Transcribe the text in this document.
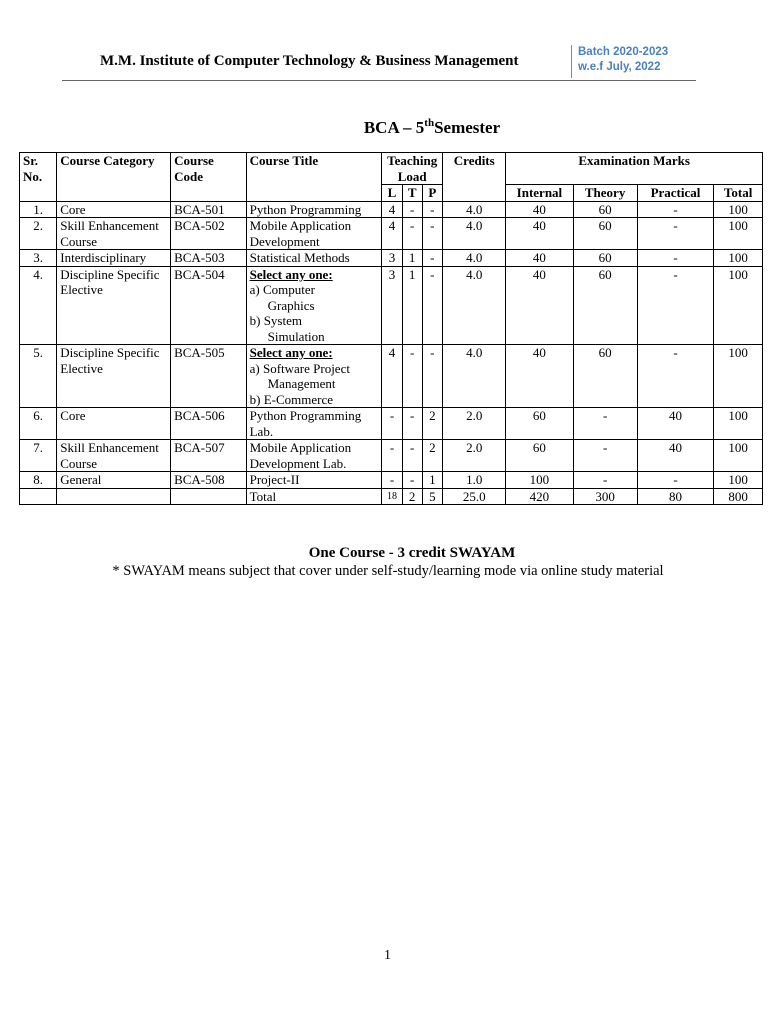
M.M. Institute of Computer Technology & Business Management
Batch 2020-2023
w.e.f July, 2022
BCA – 5thSemester
Sr. No.	Course Category	Course Code	Course Title	Teaching Load			Credits	Examination Marks			
				L	T	P		Internal	Theory	Practical	Total
1.	Core	BCA-501	Python Programming	4	-	-	4.0	40	60	-	100
2.	Skill Enhancement Course	BCA-502	Mobile Application Development	4	-	-	4.0	40	60	-	100
3.	Interdisciplinary	BCA-503	Statistical Methods	3	1	-	4.0	40	60	-	100
4.	Discipline Specific Elective	BCA-504	Select any one:
a) Computer
Graphics
b) System
Simulation	3	1	-	4.0	40	60	-	100
5.	Discipline Specific Elective	BCA-505	Select any one:
a) Software Project
Management
b) E-Commerce	4	-	-	4.0	40	60	-	100
6.	Core	BCA-506	Python Programming Lab.	-	-	2	2.0	60	-	40	100
7.	Skill Enhancement Course	BCA-507	Mobile Application Development Lab.	-	-	2	2.0	60	-	40	100
8.	General	BCA-508	Project-II	-	-	1	1.0	100	-	-	100
			Total	18	2	5	25.0	420	300	80	800
One Course - 3 credit SWAYAM
* SWAYAM means subject that cover under self-study/learning mode via online study material
1
